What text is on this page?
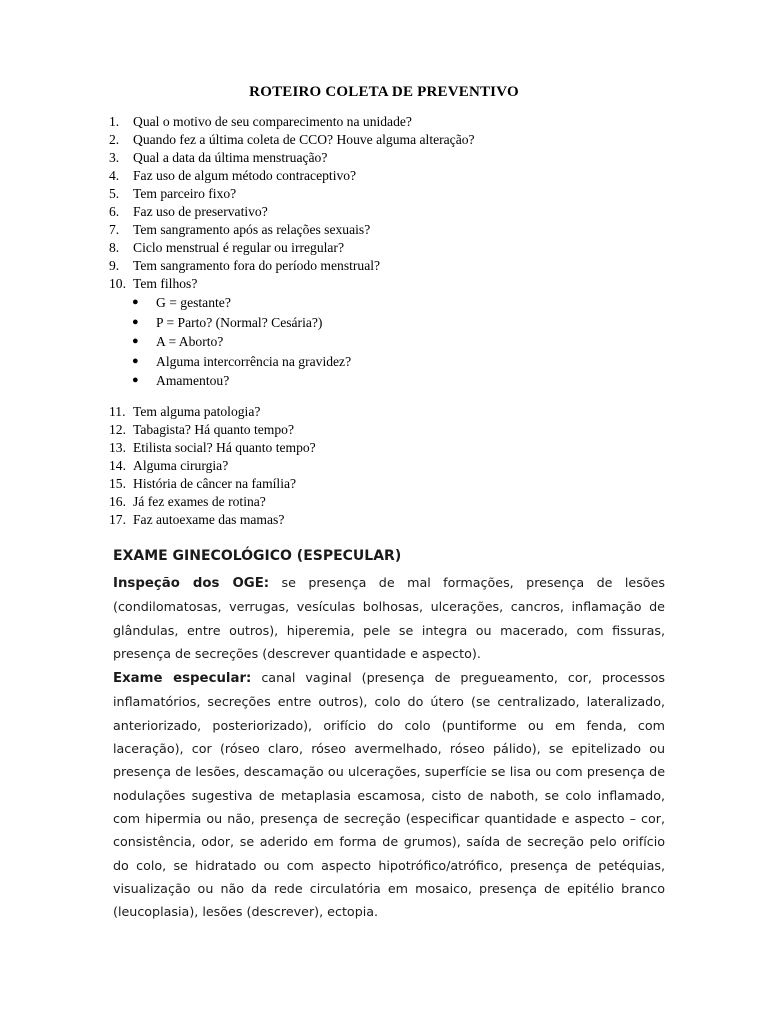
ROTEIRO COLETA DE PREVENTIVO
1.	Qual o motivo de seu comparecimento na unidade?
2.	Quando fez a última coleta de CCO? Houve alguma alteração?
3.	Qual a data da última menstruação?
4.	Faz uso de algum método contraceptivo?
5.	Tem parceiro fixo?
6.	Faz uso de preservativo?
7.	Tem sangramento após as relações sexuais?
8.	Ciclo menstrual é regular ou irregular?
9.	Tem sangramento fora do período menstrual?
10. Tem filhos?
●	G = gestante?
●	P = Parto? (Normal? Cesária?)
●	A = Aborto?
●	Alguma intercorrência na gravidez?
●	Amamentou?
11. Tem alguma patologia?
12. Tabagista? Há quanto tempo?
13. Etilista social? Há quanto tempo?
14. Alguma cirurgia?
15. História de câncer na família?
16. Já fez exames de rotina?
17. Faz autoexame das mamas?
EXAME GINECOLÓGICO (ESPECULAR)

Inspeção dos OGE: se presença de mal formações, presença de lesões (condilomatosas, verrugas, vesículas bolhosas, ulcerações, cancros, inflamação de glândulas, entre outros), hiperemia, pele se integra ou macerado, com fissuras, presença de secreções (descrever quantidade e aspecto).

Exame especular: canal vaginal (presença de pregueamento, cor, processos inflamatórios, secreções entre outros), colo do útero (se centralizado, lateralizado, anteriorizado, posteriorizado), orifício do colo (puntiforme ou em fenda, com laceração), cor (róseo claro, róseo avermelhado, róseo pálido), se epitelizado ou presença de lesões, descamação ou ulcerações, superfície se lisa ou com presença de nodulações sugestiva de metaplasia escamosa, cisto de naboth, se colo inflamado, com hipermia ou não, presença de secreção (especificar quantidade e aspecto – cor, consistência, odor, se aderido em forma de grumos), saída de secreção pelo orifício do colo, se hidratado ou com aspecto hipotrófico/atrófico, presença de petéquias, visualização ou não da rede circulatória em mosaico, presença de epitélio branco (leucoplasia), lesões (descrever), ectopia.
